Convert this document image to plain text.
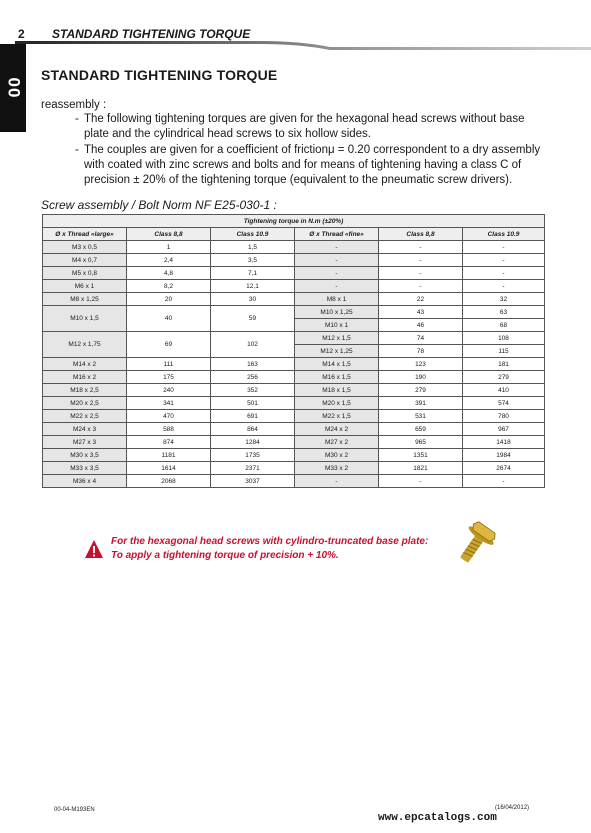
2 STANDARD TIGHTENING TORQUE
00
STANDARD TIGHTENING TORQUE
reassembly :
- The following tightening torques are given for the hexagonal head screws without base plate and the cylindrical head screws to six hollow sides.
- The couples are given for a coefficient of frictionμ = 0.20 correspondent to a dry assembly with coated with zinc screws and bolts and for means of tightening having a class C of precision ± 20% of the tightening torque (equivalent to the pneumatic screw drivers).
Screw assembly / Bolt Norm NF E25-030-1 :
Tightening torque in N.m (±20%)					
Ø x Thread «large»	Class 8,8	Class 10.9	Ø x Thread «fine»	Class 8,8	Class 10.9
M3 x 0,5	1	1,5	-	-	-
M4 x 0,7	2,4	3,5	-	-	-
M5 x 0,8	4,8	7,1	-	-	-
M6 x 1	8,2	12,1	-	-	-
M8 x 1,25	20	30	M8 x 1	22	32
M10 x 1,5	40	59	M10 x 1,25	43	63
			M10 x 1	46	68
M12 x 1,75	69	102	M12 x 1,5	74	108
			M12 x 1,25	78	115
M14 x 2	111	163	M14 x 1,5	123	181
M16 x 2	175	256	M16 x 1,5	190	279
M18 x 2,5	240	352	M18 x 1,5	279	410
M20 x 2,5	341	501	M20 x 1,5	391	574
M22 x 2,5	470	691	M22 x 1,5	531	780
M24 x 3	588	864	M24 x 2	659	967
M27 x 3	874	1284	M27 x 2	965	1418
M30 x 3,5	1181	1735	M30 x 2	1351	1984
M33 x 3,5	1614	2371	M33 x 2	1821	2674
M36 x 4	2068	3037	-	-	-
For the hexagonal head screws with cylindro-truncated base plate:
To apply a tightening torque of precision + 10%.
00-04-M193EN	(16/04/2012)
www.epcatalogs.com
